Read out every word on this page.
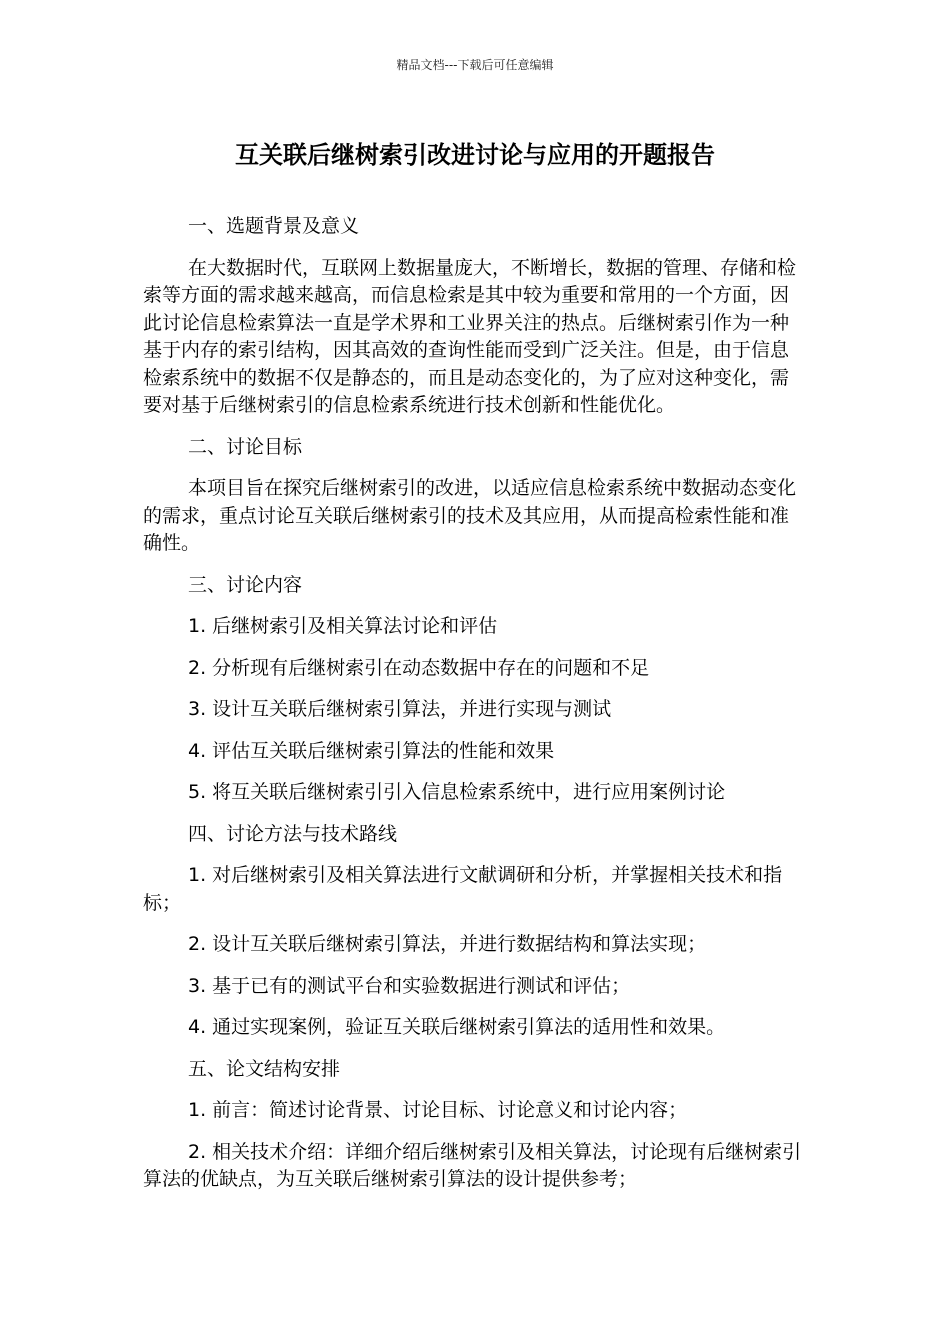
精品文档---下载后可任意编辑
互关联后继树索引改进讨论与应用的开题报告

一、选题背景及意义

在大数据时代，互联网上数据量庞大，不断增长，数据的管理、存储和检索等方面的需求越来越高，而信息检索是其中较为重要和常用的一个方面，因此讨论信息检索算法一直是学术界和工业界关注的热点。后继树索引作为一种基于内存的索引结构，因其高效的查询性能而受到广泛关注。但是，由于信息检索系统中的数据不仅是静态的，而且是动态变化的，为了应对这种变化，需要对基于后继树索引的信息检索系统进行技术创新和性能优化。

二、讨论目标

本项目旨在探究后继树索引的改进，以适应信息检索系统中数据动态变化的需求，重点讨论互关联后继树索引的技术及其应用，从而提高检索性能和准确性。

三、讨论内容

1. 后继树索引及相关算法讨论和评估

2. 分析现有后继树索引在动态数据中存在的问题和不足

3. 设计互关联后继树索引算法，并进行实现与测试

4. 评估互关联后继树索引算法的性能和效果

5. 将互关联后继树索引引入信息检索系统中，进行应用案例讨论

四、讨论方法与技术路线

1. 对后继树索引及相关算法进行文献调研和分析，并掌握相关技术和指标；

2. 设计互关联后继树索引算法，并进行数据结构和算法实现；

3. 基于已有的测试平台和实验数据进行测试和评估；

4. 通过实现案例，验证互关联后继树索引算法的适用性和效果。

五、论文结构安排

1. 前言：简述讨论背景、讨论目标、讨论意义和讨论内容；

2. 相关技术介绍：详细介绍后继树索引及相关算法，讨论现有后继树索引算法的优缺点，为互关联后继树索引算法的设计提供参考；
